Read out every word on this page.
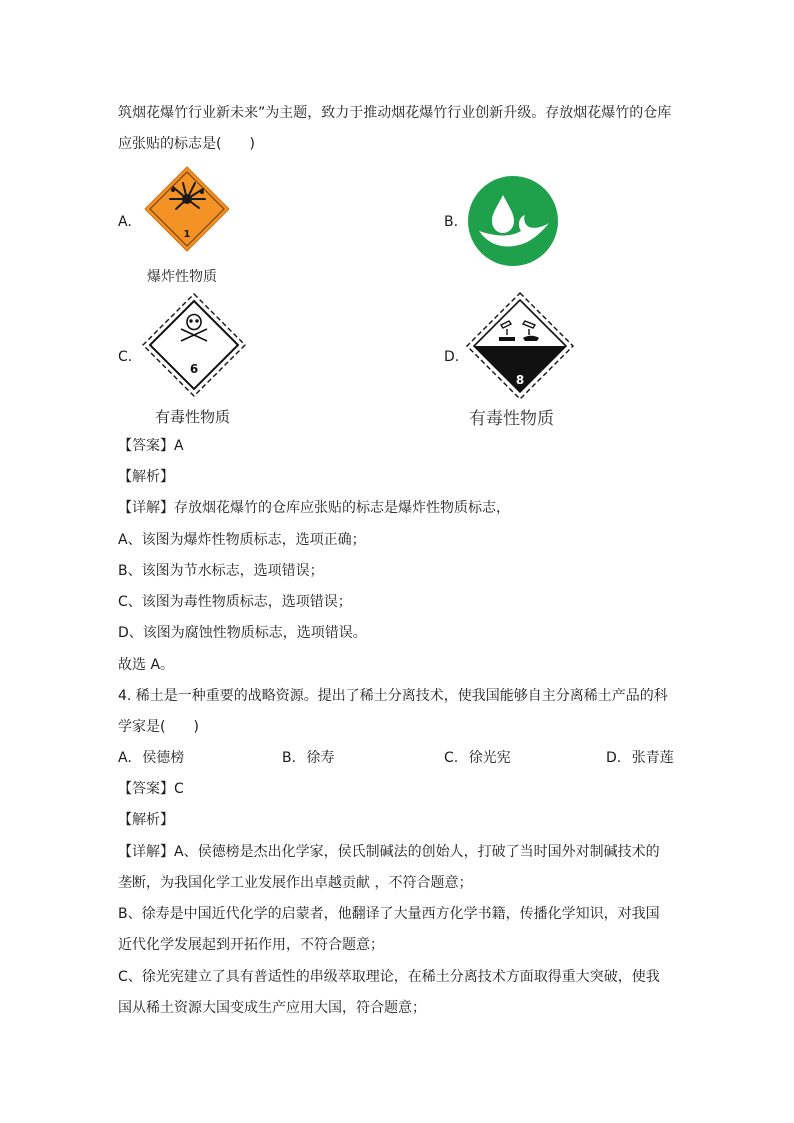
筑烟花爆竹行业新未来”为主题，致力于推动烟花爆竹行业创新升级。存放烟花爆竹的仓库
应张贴的标志是(　　)
A.
1
爆炸性物质
B.
C.
6
有毒性物质
D.
8
有毒性物质
【答案】A
【解析】
【详解】存放烟花爆竹的仓库应张贴的标志是爆炸性物质标志，
A、该图为爆炸性物质标志，选项正确；
B、该图为节水标志，选项错误；
C、该图为毒性物质标志，选项错误；
D、该图为腐蚀性物质标志，选项错误。
故选 A。
4. 稀土是一种重要的战略资源。提出了稀土分离技术，使我国能够自主分离稀土产品的科
学家是(　　)
A. 侯德榜	B. 徐寿	C. 徐光宪	D. 张青莲
【答案】C
【解析】
【详解】A、侯德榜是杰出化学家，侯氏制碱法的创始人，打破了当时国外对制碱技术的
垄断，为我国化学工业发展作出卓越贡献 ，不符合题意；
B、徐寿是中国近代化学的启蒙者，他翻译了大量西方化学书籍，传播化学知识，对我国
近代化学发展起到开拓作用，不符合题意；
C、徐光宪建立了具有普适性的串级萃取理论，在稀土分离技术方面取得重大突破，使我
国从稀土资源大国变成生产应用大国，符合题意；
